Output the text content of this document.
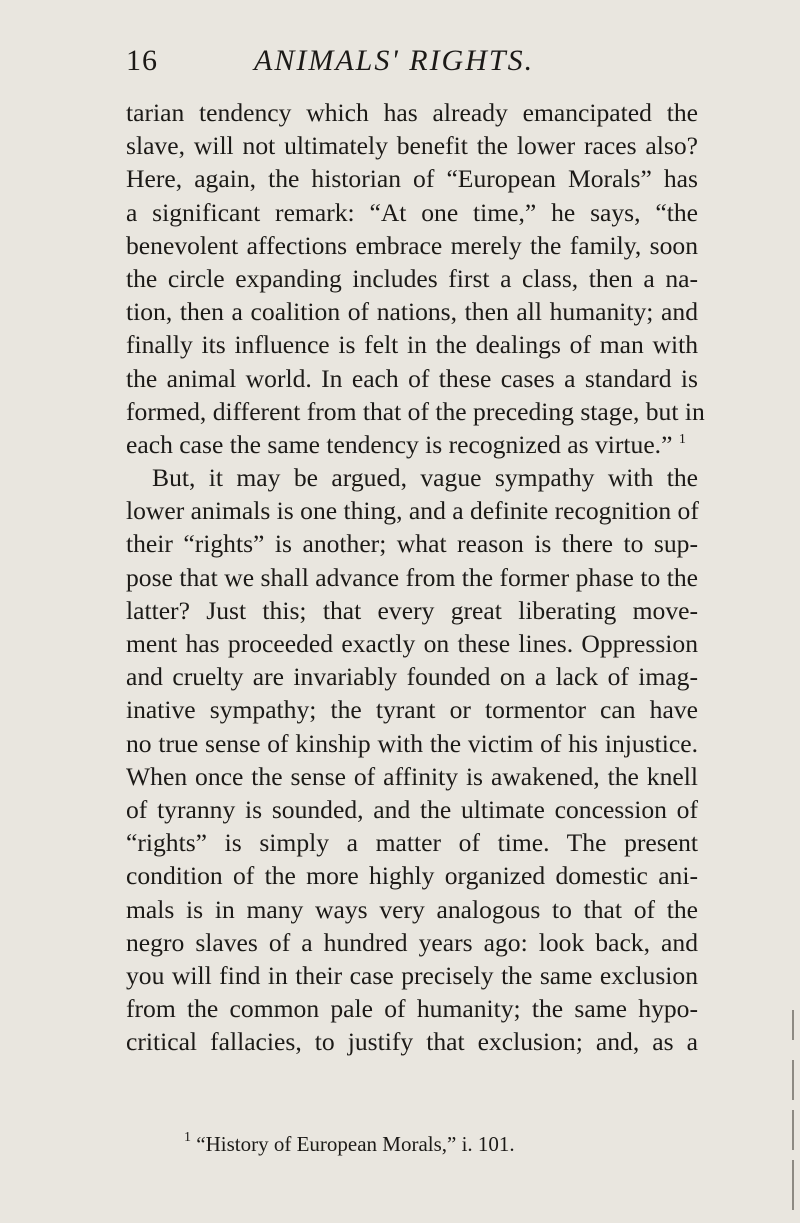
16	ANIMALS' RIGHTS.
tarian tendency which has already emancipated the
slave, will not ultimately benefit the lower races also?
Here, again, the historian of “European Morals” has
a significant remark: “At one time,” he says, “the
benevolent affections embrace merely the family, soon
the circle expanding includes first a class, then a na-
tion, then a coalition of nations, then all humanity; and
finally its influence is felt in the dealings of man with
the animal world. In each of these cases a standard is
formed, different from that of the preceding stage, but in
each case the same tendency is recognized as virtue.” $^1$
But, it may be argued, vague sympathy with the
lower animals is one thing, and a definite recognition of
their “rights” is another; what reason is there to sup-
pose that we shall advance from the former phase to the
latter? Just this; that every great liberating move-
ment has proceeded exactly on these lines. Oppression
and cruelty are invariably founded on a lack of imag-
inative sympathy; the tyrant or tormentor can have
no true sense of kinship with the victim of his injustice.
When once the sense of affinity is awakened, the knell
of tyranny is sounded, and the ultimate concession of
“rights” is simply a matter of time. The present
condition of the more highly organized domestic ani-
mals is in many ways very analogous to that of the
negro slaves of a hundred years ago: look back, and
you will find in their case precisely the same exclusion
from the common pale of humanity; the same hypo-
critical fallacies, to justify that exclusion; and, as a
$^1$ “History of European Morals,” i. 101.
